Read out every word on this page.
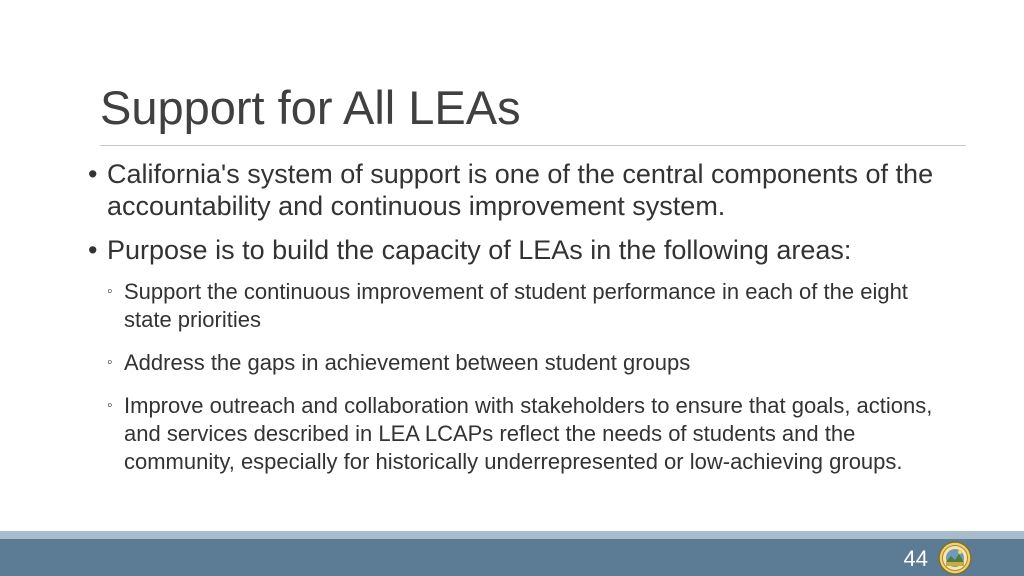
Support for All LEAs
• California's system of support is one of the central components of the accountability and continuous improvement system.
• Purpose is to build the capacity of LEAs in the following areas:
◦ Support the continuous improvement of student performance in each of the eight state priorities
◦ Address the gaps in achievement between student groups
◦ Improve outreach and collaboration with stakeholders to ensure that goals, actions, and services described in LEA LCAPs reflect the needs of students and the community, especially for historically underrepresented or low-achieving groups.
44
